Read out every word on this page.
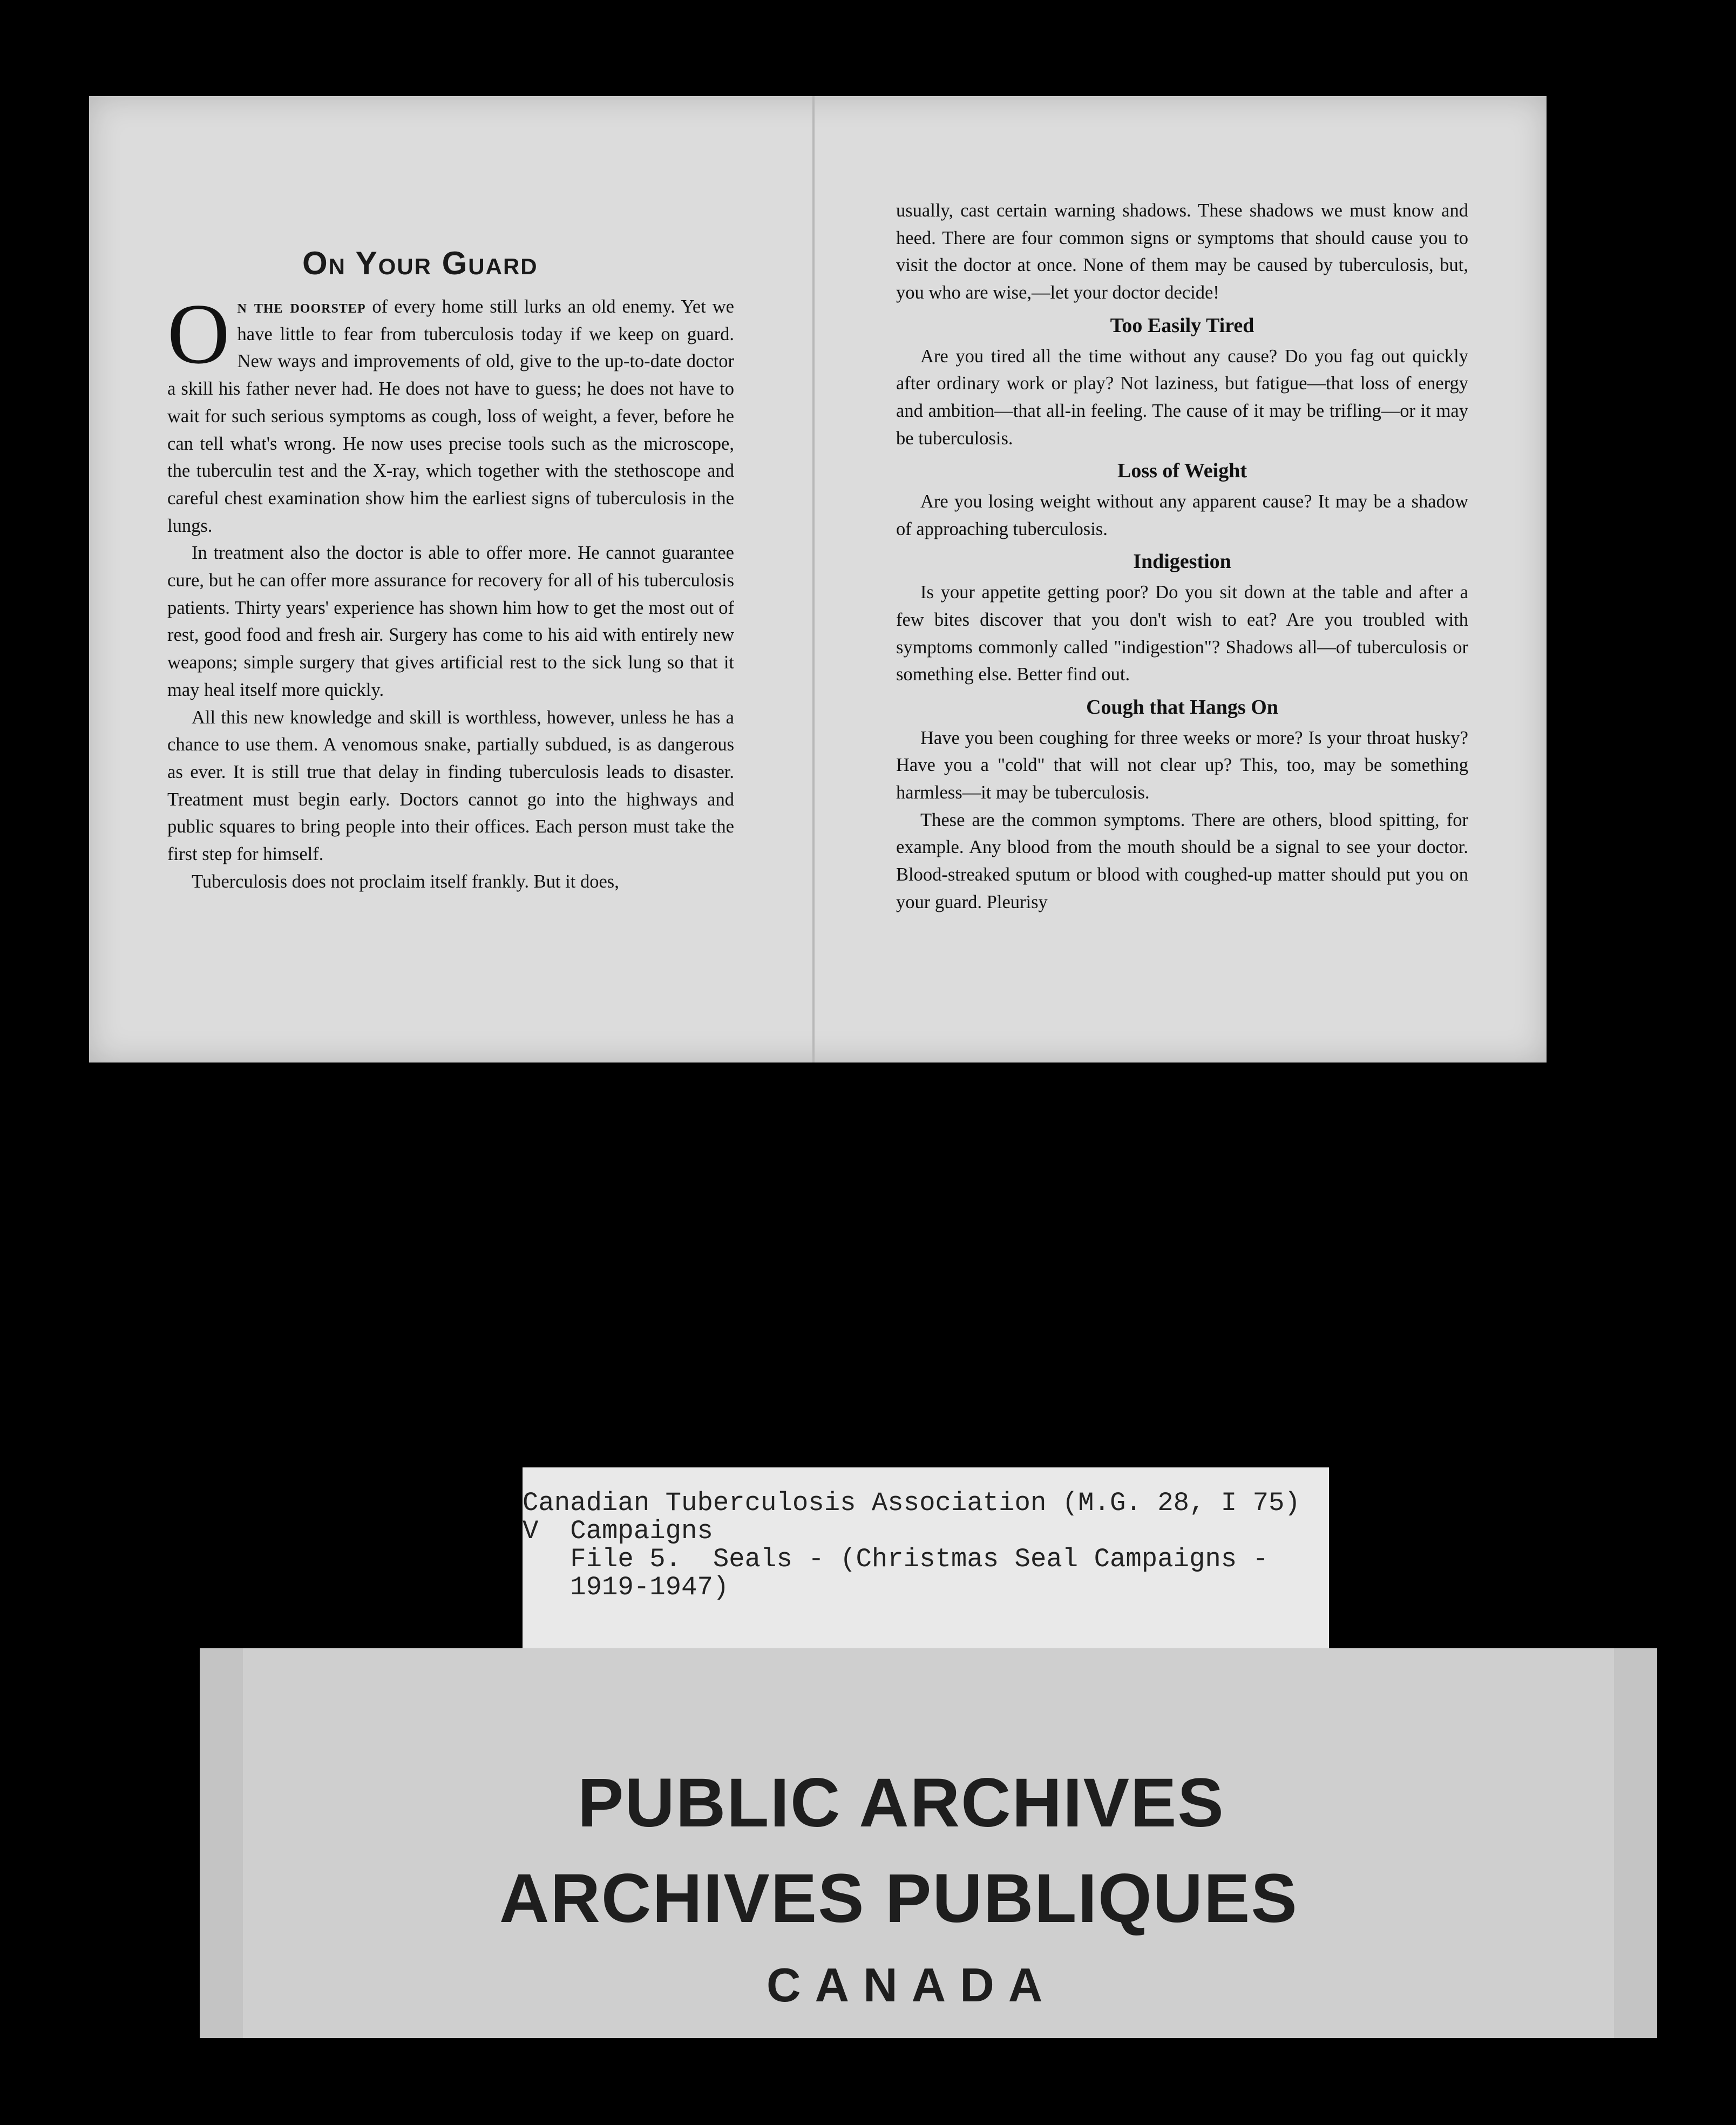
On Your Guard

On the doorstep of every home still lurks an old enemy. Yet we have little to fear from tuberculosis today if we keep on guard. New ways and improvements of old, give to the up-to-date doctor a skill his father never had. He does not have to guess; he does not have to wait for such serious symptoms as cough, loss of weight, a fever, before he can tell what's wrong. He now uses precise tools such as the microscope, the tuberculin test and the X-ray, which together with the stethoscope and careful chest examination show him the earliest signs of tuberculosis in the lungs.

In treatment also the doctor is able to offer more. He cannot guarantee cure, but he can offer more assurance for recovery for all of his tuberculosis patients. Thirty years' experience has shown him how to get the most out of rest, good food and fresh air. Surgery has come to his aid with entirely new weapons; simple surgery that gives artificial rest to the sick lung so that it may heal itself more quickly.

All this new knowledge and skill is worthless, however, unless he has a chance to use them. A venomous snake, partially subdued, is as dangerous as ever. It is still true that delay in finding tuberculosis leads to disaster. Treatment must begin early. Doctors cannot go into the highways and public squares to bring people into their offices. Each person must take the first step for himself.

Tuberculosis does not proclaim itself frankly. But it does,

usually, cast certain warning shadows. These shadows we must know and heed. There are four common signs or symptoms that should cause you to visit the doctor at once. None of them may be caused by tuberculosis, but, you who are wise,—let your doctor decide!

Too Easily Tired

Are you tired all the time without any cause? Do you fag out quickly after ordinary work or play? Not laziness, but fatigue—that loss of energy and ambition—that all-in feeling. The cause of it may be trifling—or it may be tuberculosis.

Loss of Weight

Are you losing weight without any apparent cause? It may be a shadow of approaching tuberculosis.

Indigestion

Is your appetite getting poor? Do you sit down at the table and after a few bites discover that you don't wish to eat? Are you troubled with symptoms commonly called "indigestion"? Shadows all—of tuberculosis or something else. Better find out.

Cough that Hangs On

Have you been coughing for three weeks or more? Is your throat husky? Have you a "cold" that will not clear up? This, too, may be something harmless—it may be tuberculosis.

These are the common symptoms. There are others, blood spitting, for example. Any blood from the mouth should be a signal to see your doctor. Blood-streaked sputum or blood with coughed-up matter should put you on your guard. Pleurisy

Canadian Tuberculosis Association (M.G. 28, I 75)
V  Campaigns
File 5.  Seals - (Christmas Seal Campaigns -
1919-1947)
PUBLIC ARCHIVES
ARCHIVES PUBLIQUES
CANADA
